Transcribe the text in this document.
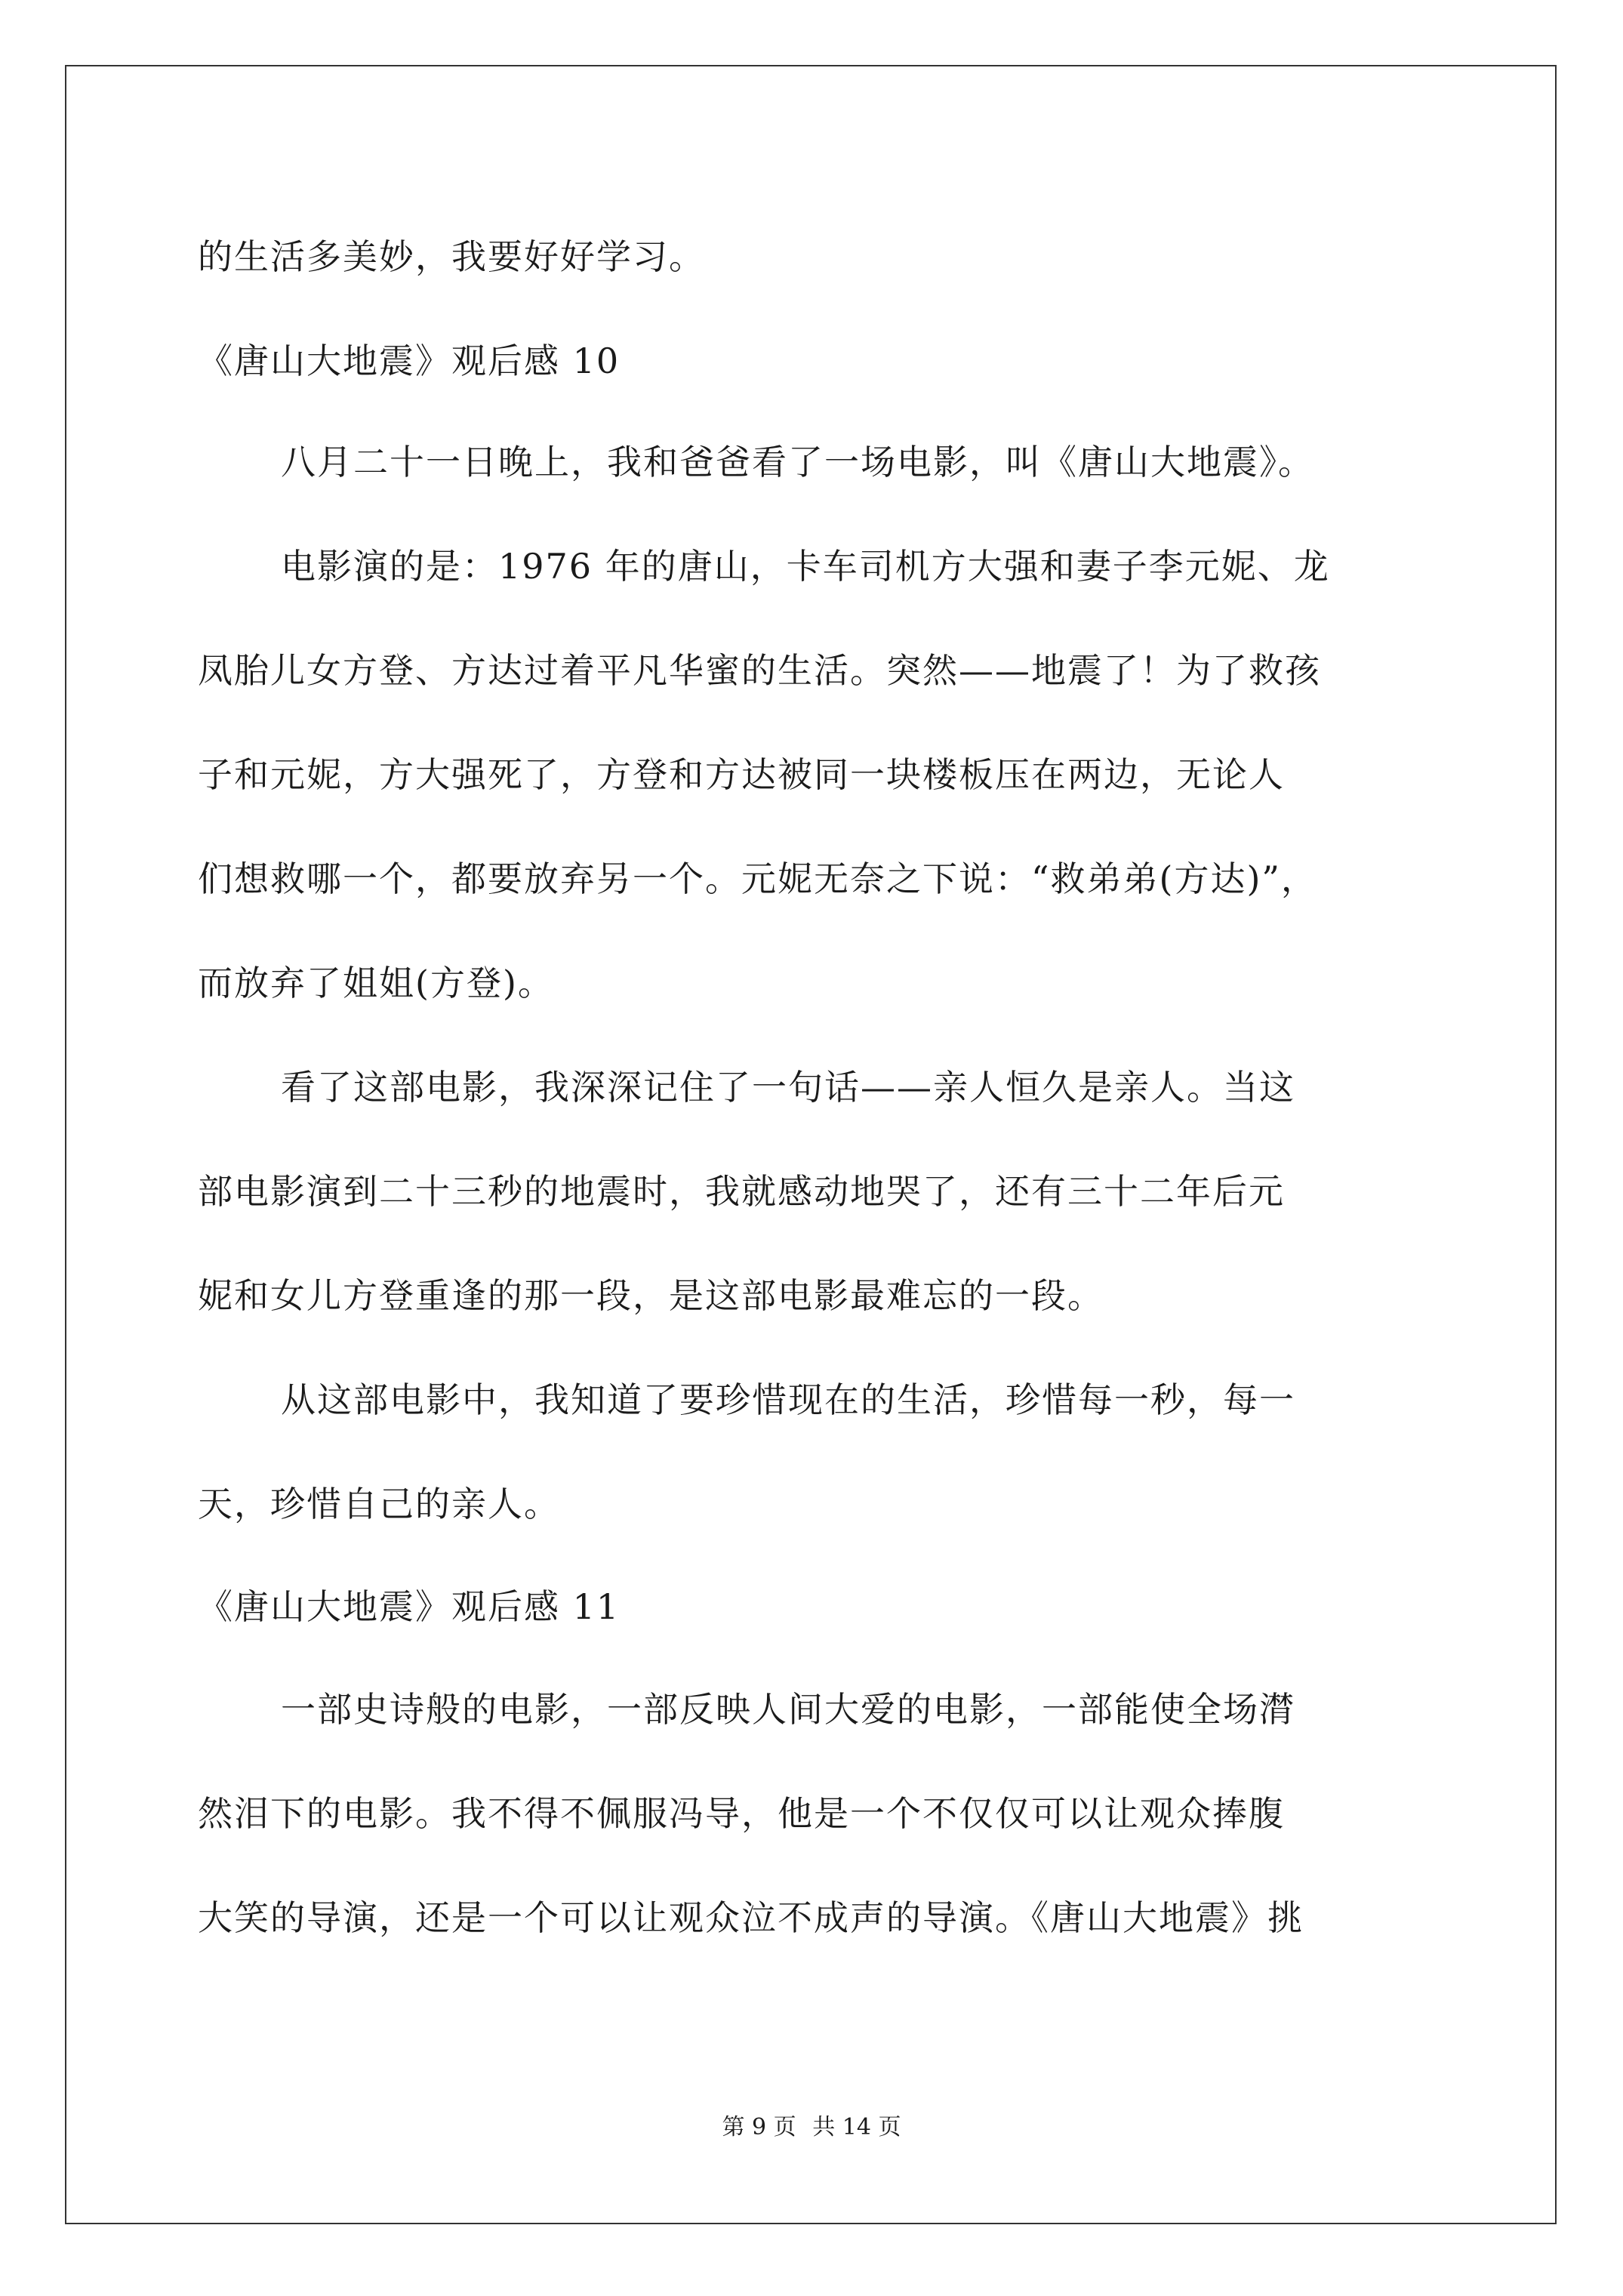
的生活多美妙，我要好好学习。
《唐山大地震》观后感 10
八月二十一日晚上，我和爸爸看了一场电影，叫《唐山大地震》。
电影演的是：1976 年的唐山，卡车司机方大强和妻子李元妮、龙
凤胎儿女方登、方达过着平凡华蜜的生活。突然——地震了！为了救孩
子和元妮，方大强死了，方登和方达被同一块楼板压在两边，无论人
们想救哪一个，都要放弃另一个。元妮无奈之下说：“救弟弟(方达)”，
而放弃了姐姐(方登)。
看了这部电影，我深深记住了一句话——亲人恒久是亲人。当这
部电影演到二十三秒的地震时，我就感动地哭了，还有三十二年后元
妮和女儿方登重逢的那一段，是这部电影最难忘的一段。
从这部电影中，我知道了要珍惜现在的生活，珍惜每一秒，每一
天，珍惜自己的亲人。
《唐山大地震》观后感 11
一部史诗般的电影，一部反映人间大爱的电影，一部能使全场潸
然泪下的电影。我不得不佩服冯导，他是一个不仅仅可以让观众捧腹
大笑的导演，还是一个可以让观众泣不成声的导演。《唐山大地震》挑
第 9 页 共 14 页
